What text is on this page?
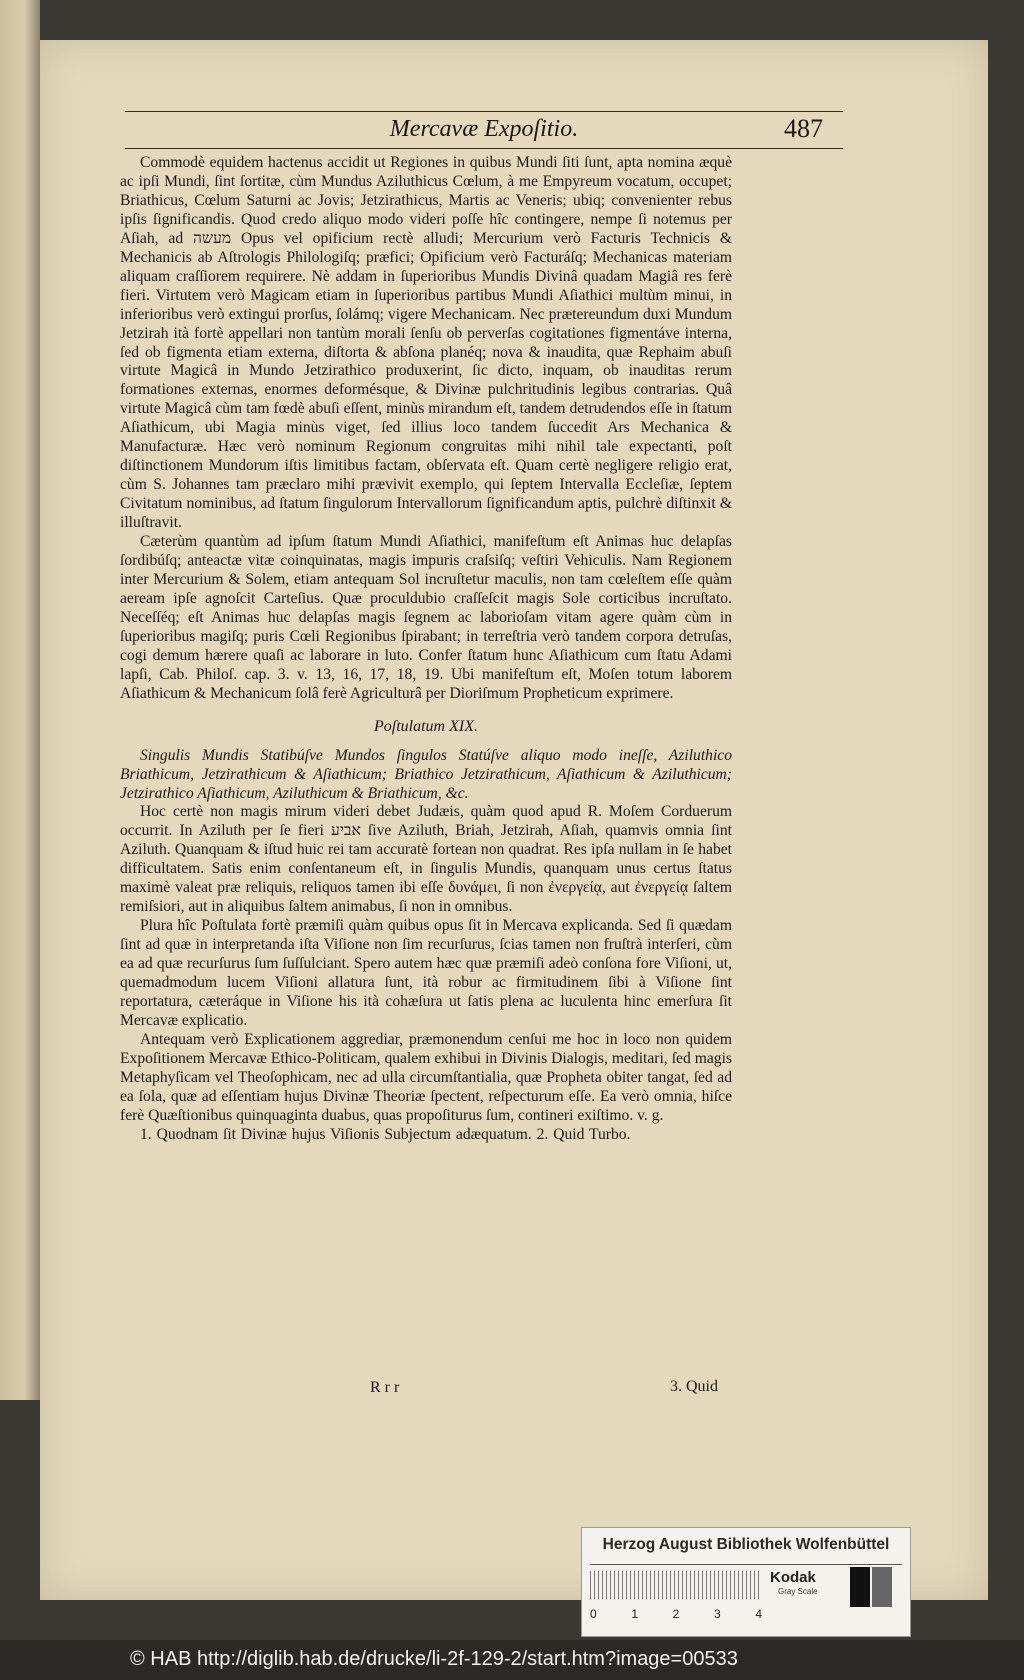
Mercavæ Expoſitio.	487

Commodè equidem hactenus accidit ut Regiones in quibus Mundi ſiti ſunt, apta nomina æquè ac ipſi Mundi, ſint ſortitæ, cùm Mundus Aziluthicus Cœlum, à me Empyreum vocatum, occupet; Briathicus, Cœlum Saturni ac Jovis; Jetzirathicus, Martis ac Veneris; ubiq; convenienter rebus ipſis ſignificandis. Quod credo aliquo modo videri poſſe hîc contingere, nempe ſi notemus per Aſiah, ad מעשה Opus vel opificium rectè alludi; Mercurium verò Facturis Technicis & Mechanicis ab Aſtrologis Philologiſq; præfici; Opificium verò Facturáſq; Mechanicas materiam aliquam craſſiorem requirere. Nè addam in ſuperioribus Mundis Divinâ quadam Magiâ res ferè fieri. Virtutem verò Magicam etiam in ſuperioribus partibus Mundi Aſiathici multùm minui, in inferioribus verò extingui prorſus, ſolámq; vigere Mechanicam. Nec prætereundum duxi Mundum Jetzirah ità fortè appellari non tantùm morali ſenſu ob perverſas cogitationes figmentáve interna, ſed ob figmenta etiam externa, diſtorta & abſona planéq; nova & inaudita, quæ Rephaim abuſi virtute Magicâ in Mundo Jetzirathico produxerint, ſic dicto, inquam, ob inauditas rerum formationes externas, enormes deformésque, & Divinæ pulchritudinis legibus contrarias. Quâ virtute Magicâ cùm tam fœdè abuſi eſſent, minùs mirandum eſt, tandem detrudendos eſſe in ſtatum Aſiathicum, ubi Magia minùs viget, ſed illius loco tandem ſuccedit Ars Mechanica & Manufacturæ. Hæc verò nominum Regionum congruitas mihi nihil tale expectanti, poſt diſtinctionem Mundorum iſtis limitibus factam, obſervata eſt. Quam certè negligere religio erat, cùm S. Johannes tam præclaro mihi prævivit exemplo, qui ſeptem Intervalla Eccleſiæ, ſeptem Civitatum nominibus, ad ſtatum ſingulorum Intervallorum ſignificandum aptis, pulchrè diſtinxit & illuſtravit.

Cæterùm quantùm ad ipſum ſtatum Mundi Aſiathici, manifeſtum eſt Animas huc delapſas ſordibúſq; anteactæ vitæ coinquinatas, magis impuris craſsiſq; veſtiri Vehiculis. Nam Regionem inter Mercurium & Solem, etiam antequam Sol incruſtetur maculis, non tam cœleſtem eſſe quàm aeream ipſe agnoſcit Carteſius. Quæ proculdubio craſſeſcit magis Sole corticibus incruſtato. Neceſſéq; eſt Animas huc delapſas magis ſegnem ac laborioſam vitam agere quàm cùm in ſuperioribus magiſq; puris Cœli Regionibus ſpirabant; in terreſtria verò tandem corpora detruſas, cogi demum hærere quaſi ac laborare in luto. Confer ſtatum hunc Aſiathicum cum ſtatu Adami lapſi, Cab. Philoſ. cap. 3. v. 13, 16, 17, 18, 19. Ubi manifeſtum eſt, Moſen totum laborem Aſiathicum & Mechanicum ſolâ ferè Agriculturâ per Dioriſmum Propheticum exprimere.

Poſtulatum XIX.

Singulis Mundis Statibúſve Mundos ſingulos Statúſve aliquo modo ineſſe, Aziluthico Briathicum, Jetzirathicum & Aſiathicum; Briathico Jetzirathicum, Aſiathicum & Aziluthicum; Jetzirathico Aſiathicum, Aziluthicum & Briathicum, &c.

Hoc certè non magis mirum videri debet Judæis, quàm quod apud R. Moſem Corduerum occurrit. In Aziluth per ſe fieri אביע ſive Aziluth, Briah, Jetzirah, Aſiah, quamvis omnia ſint Aziluth. Quanquam & iſtud huic rei tam accuratè fortean non quadrat. Res ipſa nullam in ſe habet difficultatem. Satis enim conſentaneum eſt, in ſingulis Mundis, quanquam unus certus ſtatus maximè valeat præ reliquis, reliquos tamen ibi eſſe δυνάμει, ſi non ἐνεργείᾳ, aut ἐνεργείᾳ ſaltem remiſsiori, aut in aliquibus ſaltem animabus, ſi non in omnibus.

Plura hîc Poſtulata fortè præmiſi quàm quibus opus ſit in Mercava explicanda. Sed ſi quædam ſint ad quæ in interpretanda iſta Viſione non ſim recurſurus, ſcias tamen non fruſtrà interſeri, cùm ea ad quæ recurſurus ſum ſuſſulciant. Spero autem hæc quæ præmiſi adeò conſona fore Viſioni, ut, quemadmodum lucem Viſioni allatura ſunt, ità robur ac firmitudinem ſibi à Viſione ſint reportatura, cæteráque in Viſione his ità cohæſura ut ſatis plena ac luculenta hinc emerſura ſit Mercavæ explicatio.

Antequam verò Explicationem aggrediar, præmonendum cenſui me hoc in loco non quidem Expoſitionem Mercavæ Ethico-Politicam, qualem exhibui in Divinis Dialogis, meditari, ſed magis Metaphyſicam vel Theoſophicam, nec ad ulla circumſtantialia, quæ Propheta obiter tangat, ſed ad ea ſola, quæ ad eſſentiam hujus Divinæ Theoriæ ſpectent, reſpecturum eſſe. Ea verò omnia, hiſce ferè Quæſtionibus quinquaginta duabus, quas propoſiturus ſum, contineri exiſtimo. v. g.

1. Quodnam ſit Divinæ hujus Viſionis Subjectum adæquatum. 2. Quid Turbo.

R r r	3. Quid
Herzog August Bibliothek Wolfenbüttel
0	1	2	3	4
Kodak
Gray Scale
© HAB http://diglib.hab.de/drucke/li-2f-129-2/start.htm?image=00533
